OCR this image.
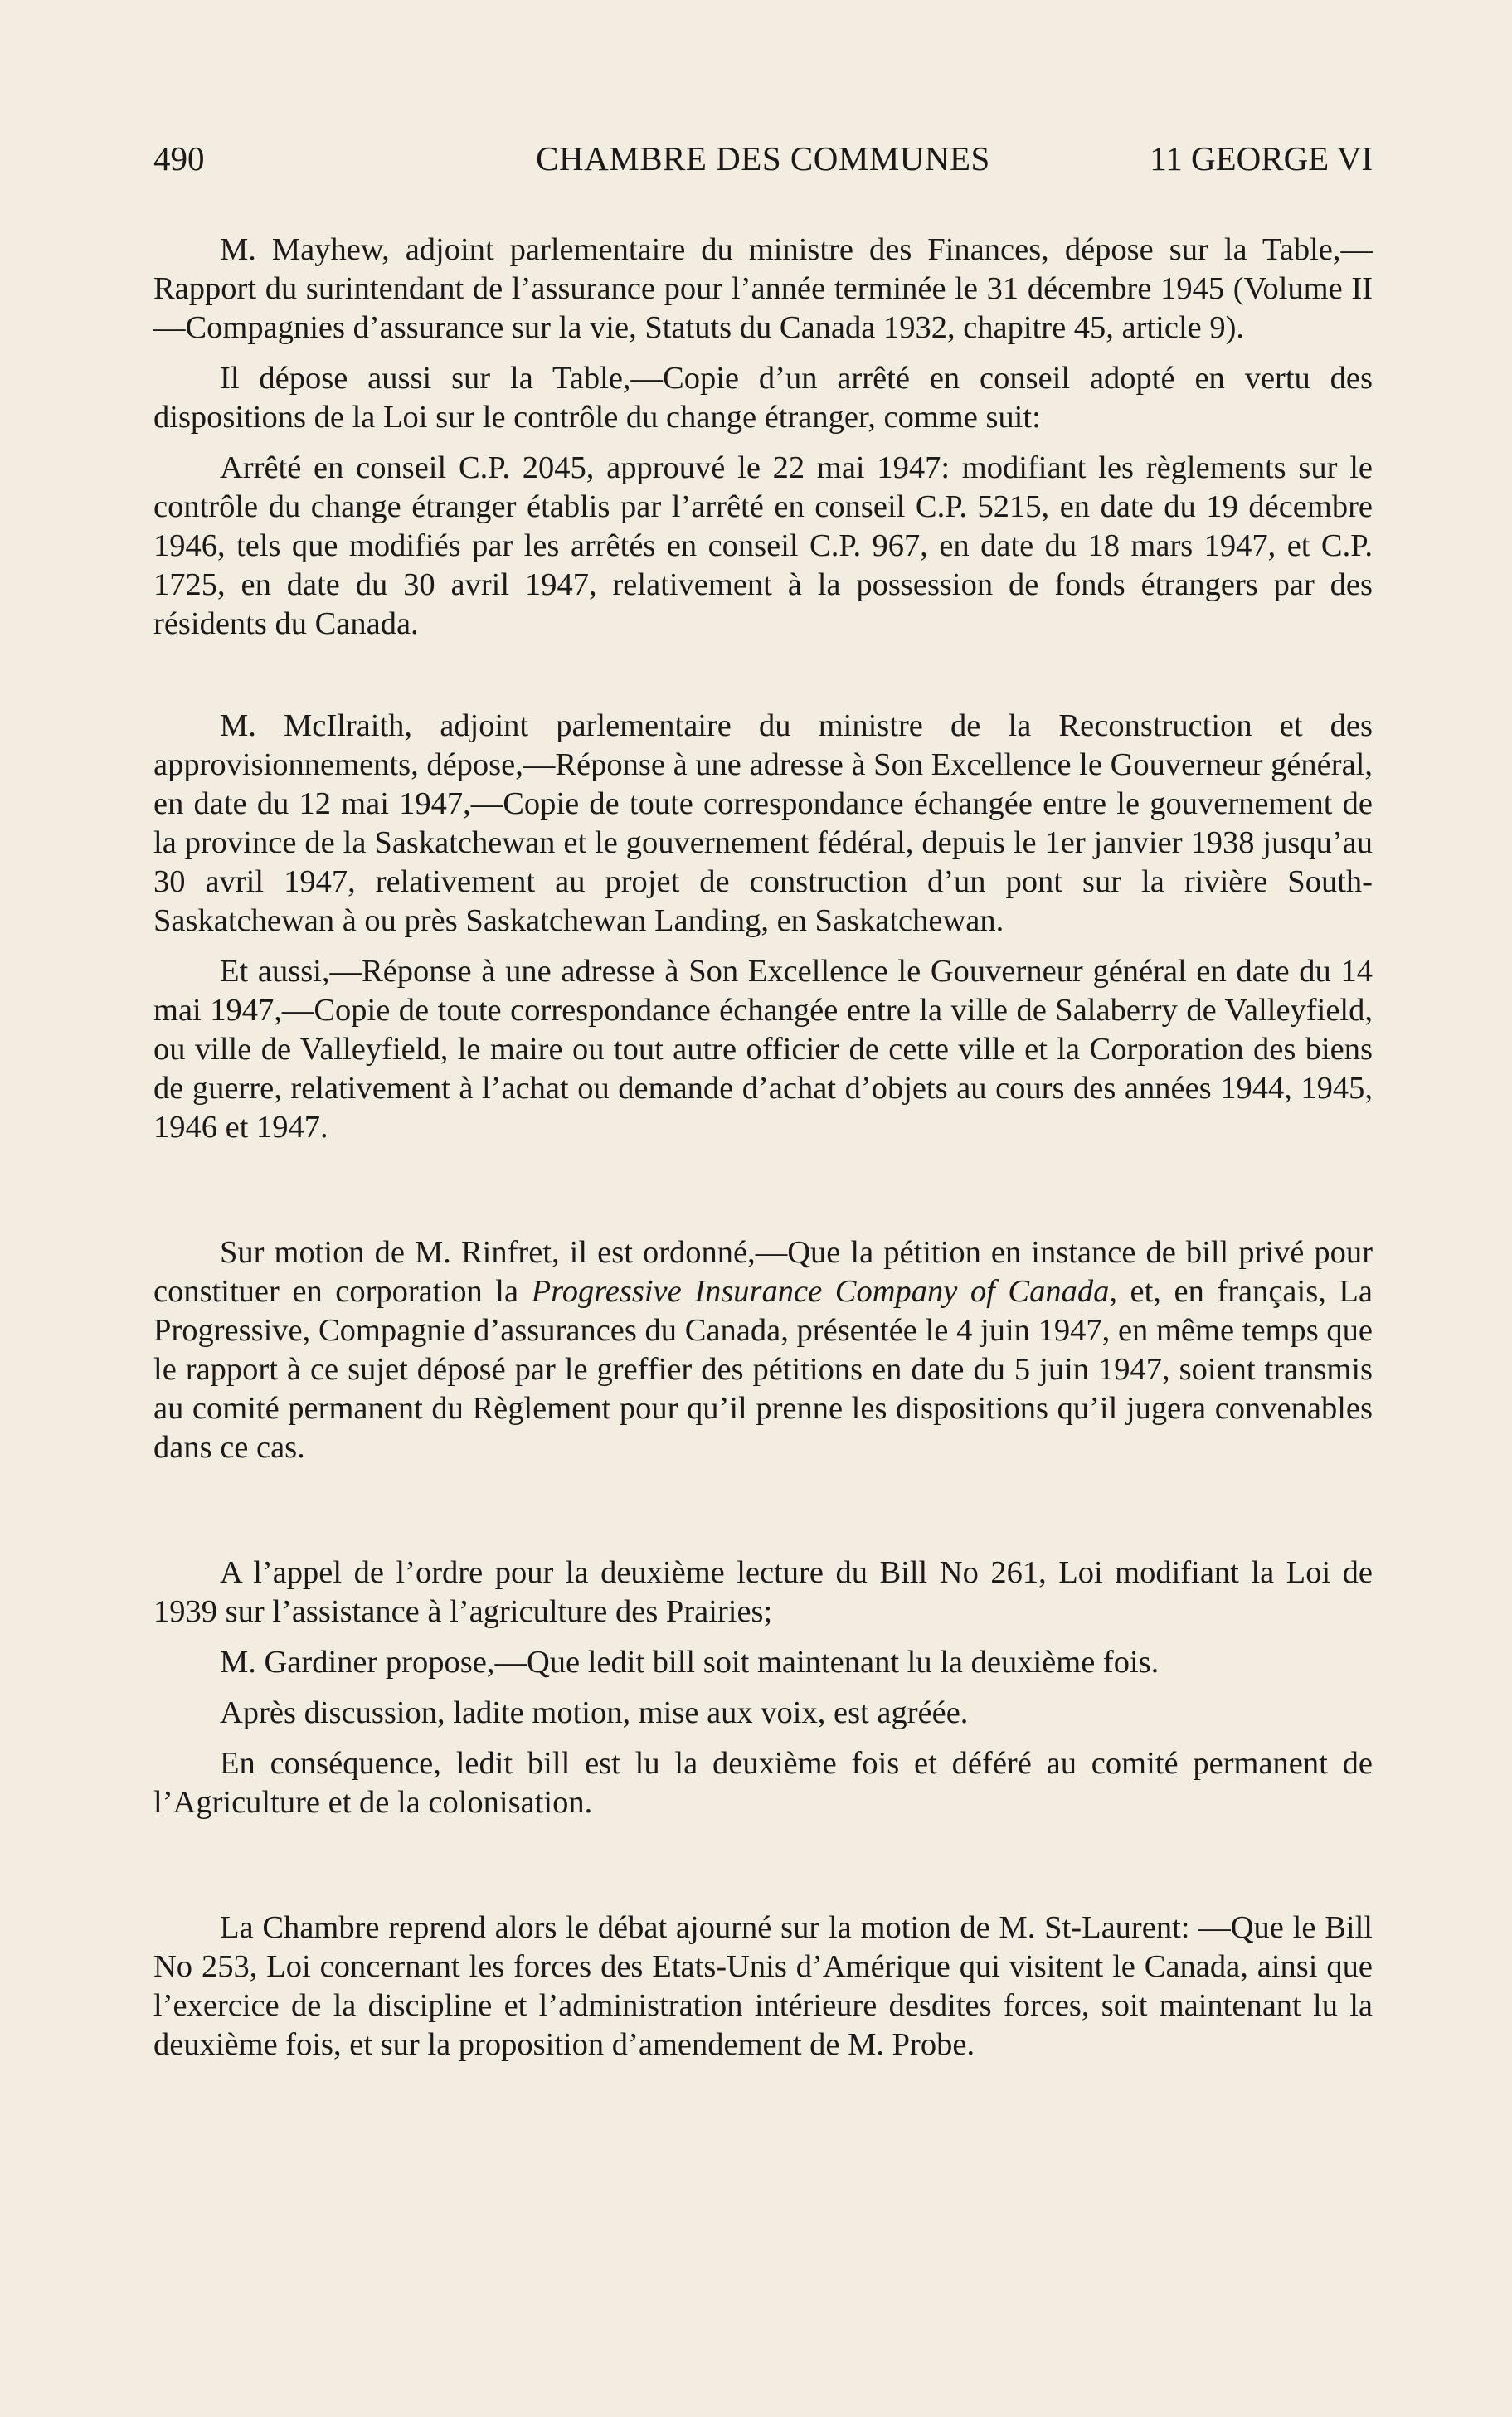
CHAMBRE DES COMMUNES
490	11 GEORGE VI

M. Mayhew, adjoint parlementaire du ministre des Finances, dépose sur la Table,—Rapport du surintendant de l’assurance pour l’année terminée le 31 décembre 1945 (Volume II—Compagnies d’assurance sur la vie, Statuts du Canada 1932, chapitre 45, article 9).

Il dépose aussi sur la Table,—Copie d’un arrêté en conseil adopté en vertu des dispositions de la Loi sur le contrôle du change étranger, comme suit:

Arrêté en conseil C.P. 2045, approuvé le 22 mai 1947: modifiant les règlements sur le contrôle du change étranger établis par l’arrêté en conseil C.P. 5215, en date du 19 décembre 1946, tels que modifiés par les arrêtés en conseil C.P. 967, en date du 18 mars 1947, et C.P. 1725, en date du 30 avril 1947, relativement à la possession de fonds étrangers par des résidents du Canada.

M. McIlraith, adjoint parlementaire du ministre de la Reconstruction et des approvisionnements, dépose,—Réponse à une adresse à Son Excellence le Gouverneur général, en date du 12 mai 1947,—Copie de toute correspondance échangée entre le gouvernement de la province de la Saskatchewan et le gouvernement fédéral, depuis le 1er janvier 1938 jusqu’au 30 avril 1947, relativement au projet de construction d’un pont sur la rivière South-Saskatchewan à ou près Saskatchewan Landing, en Saskatchewan.

Et aussi,—Réponse à une adresse à Son Excellence le Gouverneur général en date du 14 mai 1947,—Copie de toute correspondance échangée entre la ville de Salaberry de Valleyfield, ou ville de Valleyfield, le maire ou tout autre officier de cette ville et la Corporation des biens de guerre, relativement à l’achat ou demande d’achat d’objets au cours des années 1944, 1945, 1946 et 1947.

Sur motion de M. Rinfret, il est ordonné,—Que la pétition en instance de bill privé pour constituer en corporation la Progressive Insurance Company of Canada, et, en français, La Progressive, Compagnie d’assurances du Canada, présentée le 4 juin 1947, en même temps que le rapport à ce sujet déposé par le greffier des pétitions en date du 5 juin 1947, soient transmis au comité permanent du Règlement pour qu’il prenne les dispositions qu’il jugera convenables dans ce cas.

A l’appel de l’ordre pour la deuxième lecture du Bill No 261, Loi modifiant la Loi de 1939 sur l’assistance à l’agriculture des Prairies;

M. Gardiner propose,—Que ledit bill soit maintenant lu la deuxième fois.

Après discussion, ladite motion, mise aux voix, est agréée.

En conséquence, ledit bill est lu la deuxième fois et déféré au comité permanent de l’Agriculture et de la colonisation.

La Chambre reprend alors le débat ajourné sur la motion de M. St-Laurent: —Que le Bill No 253, Loi concernant les forces des Etats-Unis d’Amérique qui visitent le Canada, ainsi que l’exercice de la discipline et l’administration intérieure desdites forces, soit maintenant lu la deuxième fois, et sur la proposition d’amendement de M. Probe.
